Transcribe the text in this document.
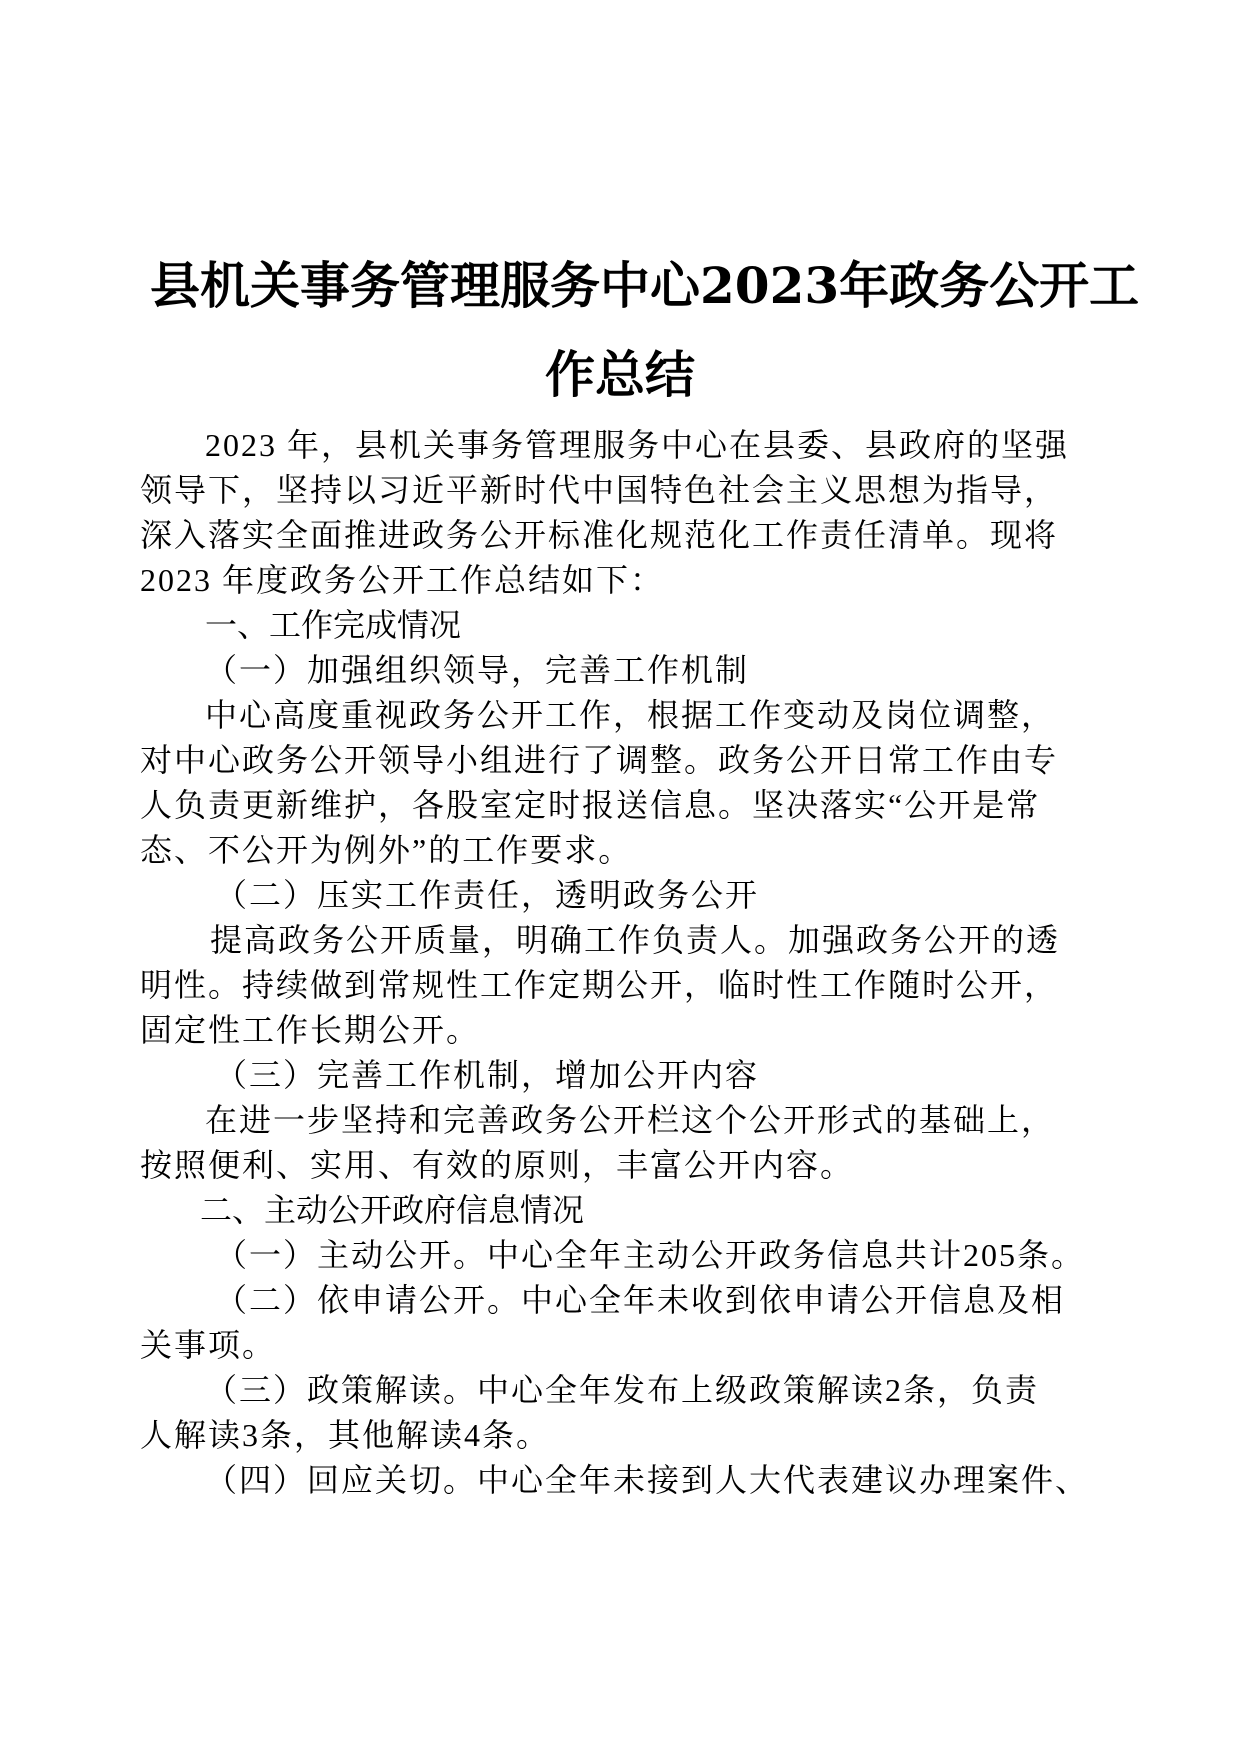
县机关事务管理服务中心2023年政务公开工
作总结

2023 年，县机关事务管理服务中心在县委、县政府的坚强

领导下，坚持以习近平新时代中国特色社会主义思想为指导，

深入落实全面推进政务公开标准化规范化工作责任清单。现将

2023 年度政务公开工作总结如下：

一、工作完成情况

（一）加强组织领导，完善工作机制

中心高度重视政务公开工作，根据工作变动及岗位调整，

对中心政务公开领导小组进行了调整。政务公开日常工作由专

人负责更新维护，各股室定时报送信息。坚决落实“公开是常

态、不公开为例外”的工作要求。

（二）压实工作责任，透明政务公开

提高政务公开质量，明确工作负责人。加强政务公开的透

明性。持续做到常规性工作定期公开，临时性工作随时公开，

固定性工作长期公开。

（三）完善工作机制，增加公开内容

在进一步坚持和完善政务公开栏这个公开形式的基础上，

按照便利、实用、有效的原则，丰富公开内容。

二、主动公开政府信息情况

（一）主动公开。中心全年主动公开政务信息共计205条。

（二）依申请公开。中心全年未收到依申请公开信息及相

关事项。

（三）政策解读。中心全年发布上级政策解读2条，负责

人解读3条，其他解读4条。

（四）回应关切。中心全年未接到人大代表建议办理案件、
